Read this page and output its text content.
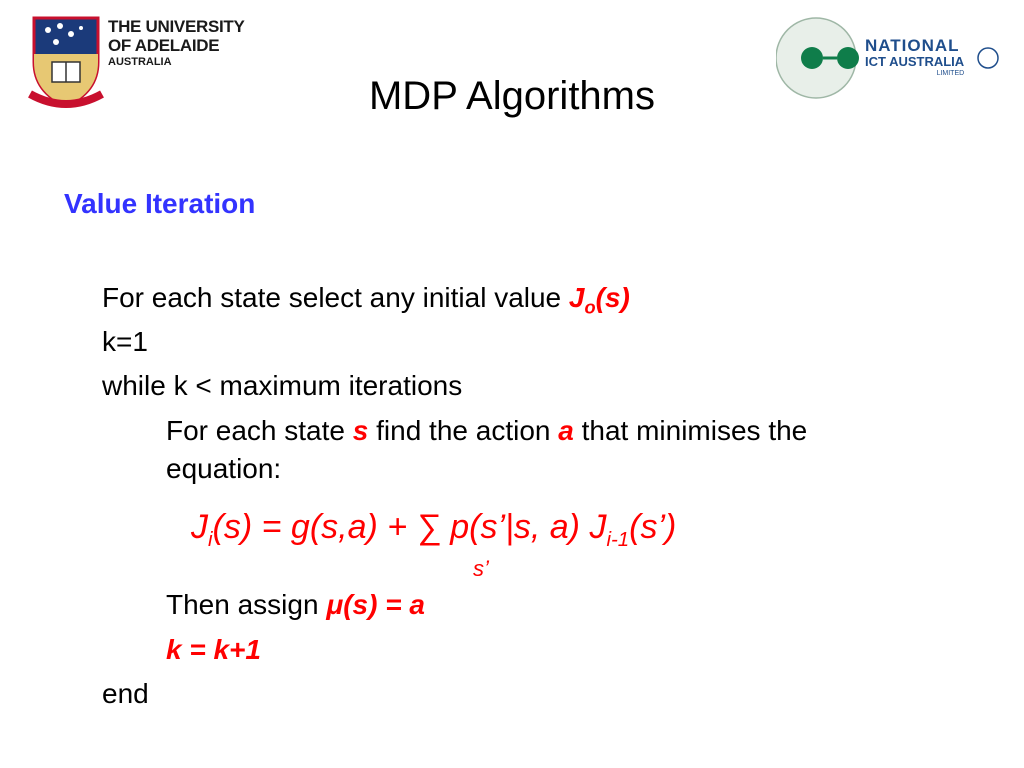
THE UNIVERSITY
OF ADELAIDE
AUSTRALIA
NATIONAL
ICT AUSTRALIA
LIMITED
MDP Algorithms
Value Iteration
For each state select any initial value $J_o(s)$
k=1
while k < maximum iterations
For each state s find the action a that minimises the
equation:
$J_i(s) = g(s,a)$ + ∑ p(s’|s, a) $J_{i-1}(s’)$
s’
Then assign μ(s) = a
k = k+1
end
